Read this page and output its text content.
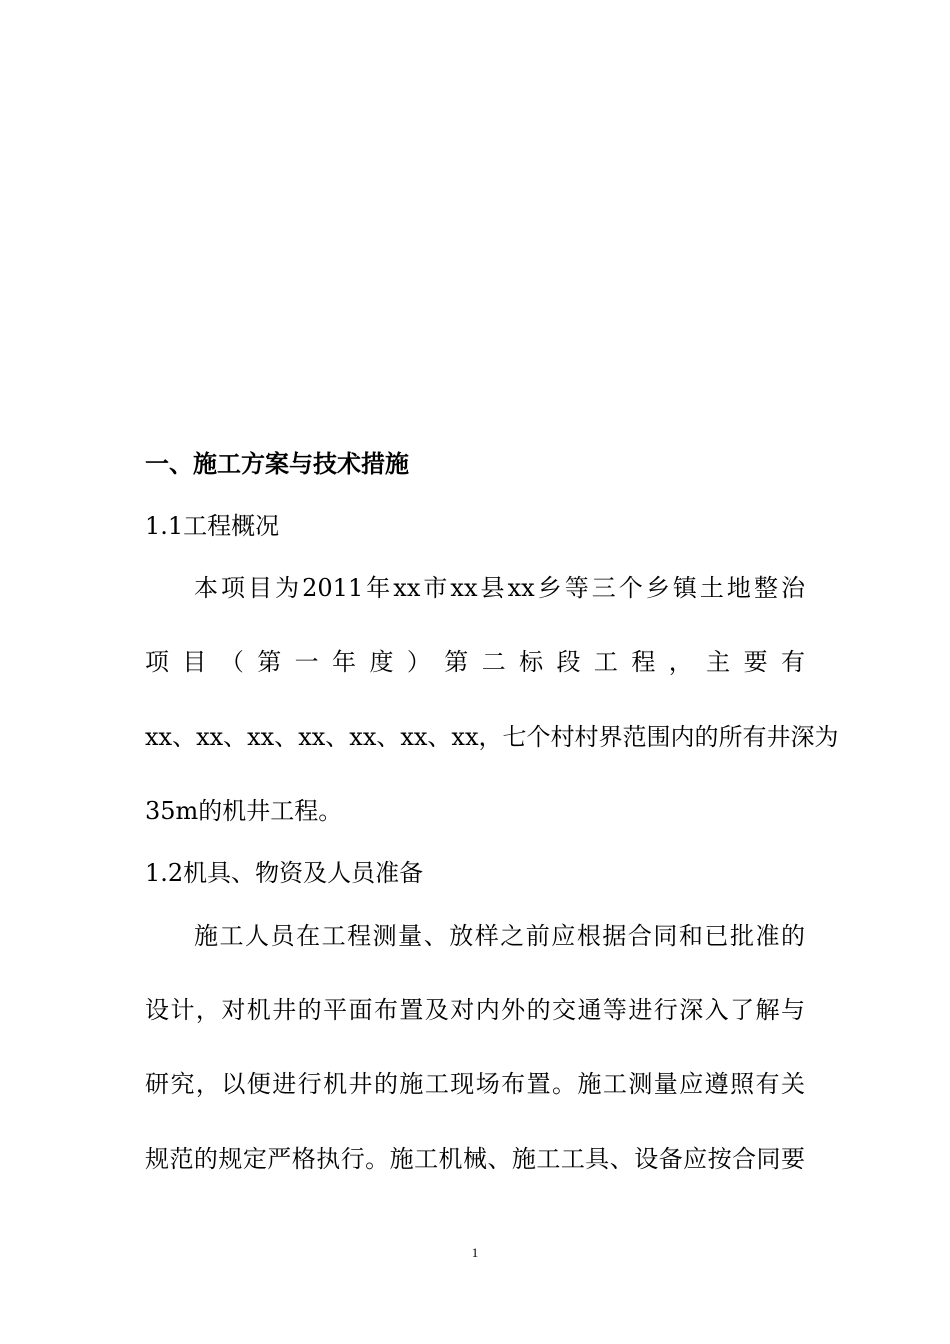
一、施工方案与技术措施
1.1工程概况
本项目为2011年xx市xx县xx乡等三个乡镇土地整治
项 目 （ 第 一 年 度 ） 第 二 标 段 工 程 ， 主 要 有
xx、xx、xx、xx、xx、xx、xx，七个村村界范围内的所有井深为
35m的机井工程。
1.2机具、物资及人员准备
施工人员在工程测量、放样之前应根据合同和已批准的
设计，对机井的平面布置及对内外的交通等进行深入了解与
研究，以便进行机井的施工现场布置。施工测量应遵照有关
规范的规定严格执行。施工机械、施工工具、设备应按合同要
1
